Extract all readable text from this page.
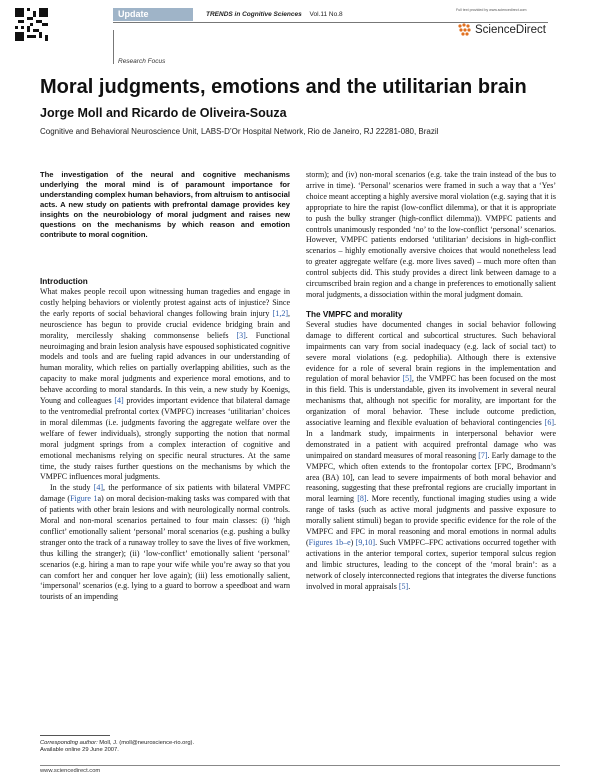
Update	TRENDS in Cognitive Sciences Vol.11 No.8
Full text provided by www.sciencedirect.com
ScienceDirect
Research Focus
Moral judgments, emotions and the utilitarian brain
Jorge Moll and Ricardo de Oliveira-Souza
Cognitive and Behavioral Neuroscience Unit, LABS-D’Or Hospital Network, Rio de Janeiro, RJ 22281-080, Brazil

The investigation of the neural and cognitive mechanisms underlying the moral mind is of paramount importance for understanding complex human behaviors, from altruism to antisocial acts. A new study on patients with prefrontal damage provides key insights on the neurobiology of moral judgment and raises new questions on the mechanisms by which reason and emotion contribute to moral cognition.

Introduction

What makes people recoil upon witnessing human tragedies and engage in costly helping behaviors or violently protest against acts of injustice? Since the early reports of social behavioral changes following brain injury [1,2], neuroscience has begun to provide crucial evidence bridging brain and morality, mercilessly shaking commonsense beliefs [3]. Functional neuroimaging and brain lesion analysis have espoused sophisticated cognitive models and tools and are fueling rapid advances in our understanding of human morality, which relies on partially overlapping abilities, such as the capacity to make moral judgments and experience moral emotions, and to behave according to moral standards. In this vein, a new study by Koenigs, Young and colleagues [4] provides important evidence that bilateral damage to the ventromedial prefrontal cortex (VMPFC) increases ‘utilitarian’ choices in moral dilemmas (i.e. judgments favoring the aggregate welfare over the welfare of fewer individuals), strongly supporting the notion that normal moral judgment springs from a complex interaction of cognitive and emotional mechanisms relying on specific neural structures. At the same time, the study raises further questions on the mechanisms by which the VMPFC influences moral judgments.

In the study [4], the performance of six patients with bilateral VMPFC damage (Figure 1a) on moral decision-making tasks was compared with that of patients with other brain lesions and with neurologically normal controls. Moral and non-moral scenarios pertained to four main classes: (i) ‘high conflict’ emotionally salient ‘personal’ moral scenarios (e.g. pushing a bulky stranger onto the track of a runaway trolley to save the lives of five workmen, thus killing the stranger); (ii) ‘low-conflict’ emotionally salient ‘personal’ scenarios (e.g. hiring a man to rape your wife while you’re away so that you can comfort her and conquer her love again); (iii) less emotionally salient, ‘impersonal’ scenarios (e.g. lying to a guard to borrow a speedboat and warn tourists of an impending

storm); and (iv) non-moral scenarios (e.g. take the train instead of the bus to arrive in time). ‘Personal’ scenarios were framed in such a way that a ‘Yes’ choice meant accepting a highly aversive moral violation (e.g. saying that it is appropriate to hire the rapist (low-conflict dilemma), or that it is appropriate to push the bulky stranger (high-conflict dilemma)). VMPFC patients and controls unanimously responded ‘no’ to the low-conflict ‘personal’ scenarios. However, VMPFC patients endorsed ‘utilitarian’ decisions in high-conflict scenarios – highly emotionally aversive choices that would nonetheless lead to greater aggregate welfare (e.g. more lives saved) – much more often than control subjects did. This study provides a direct link between damage to a circumscribed brain region and a change in preferences to emotionally salient moral judgments, a dissociation within the moral judgment domain.

The VMPFC and morality

Several studies have documented changes in social behavior following damage to different cortical and subcortical structures. Such behavioral impairments can vary from social inadequacy (e.g. lack of social tact) to severe moral violations (e.g. pedophilia). Although there is extensive evidence for a role of several brain regions in the implementation and regulation of moral behavior [5], the VMPFC has been focused on the most in this field. This is understandable, given its involvement in several neural mechanisms that, although not specific for morality, are important for the organization of moral behavior. These include outcome prediction, associative learning and flexible evaluation of behavioral contingencies [6]. In a landmark study, impairments in interpersonal behavior were demonstrated in a patient with acquired prefrontal damage who was unimpaired on standard measures of moral reasoning [7]. Early damage to the VMPFC, which often extends to the frontopolar cortex [FPC, Brodmann’s area (BA) 10], can lead to severe impairments of both moral behavior and reasoning, suggesting that these prefrontal regions are crucially important in moral learning [8]. More recently, functional imaging studies using a wide range of tasks (such as active moral judgments and passive exposure to morally salient stimuli) began to provide specific evidence for the role of the VMPFC and FPC in moral reasoning and moral emotions in normal adults (Figures 1b–e) [9,10]. Such VMPFC–FPC activations occurred together with activations in the anterior temporal cortex, superior temporal sulcus region and limbic structures, leading to the concept of the ‘moral brain’: as a network of closely interconnected regions that integrates the diverse functions involved in moral appraisals [5].

Corresponding author: Moll, J. (moll@neuroscience-rio.org).
Available online 29 June 2007.
www.sciencedirect.com
